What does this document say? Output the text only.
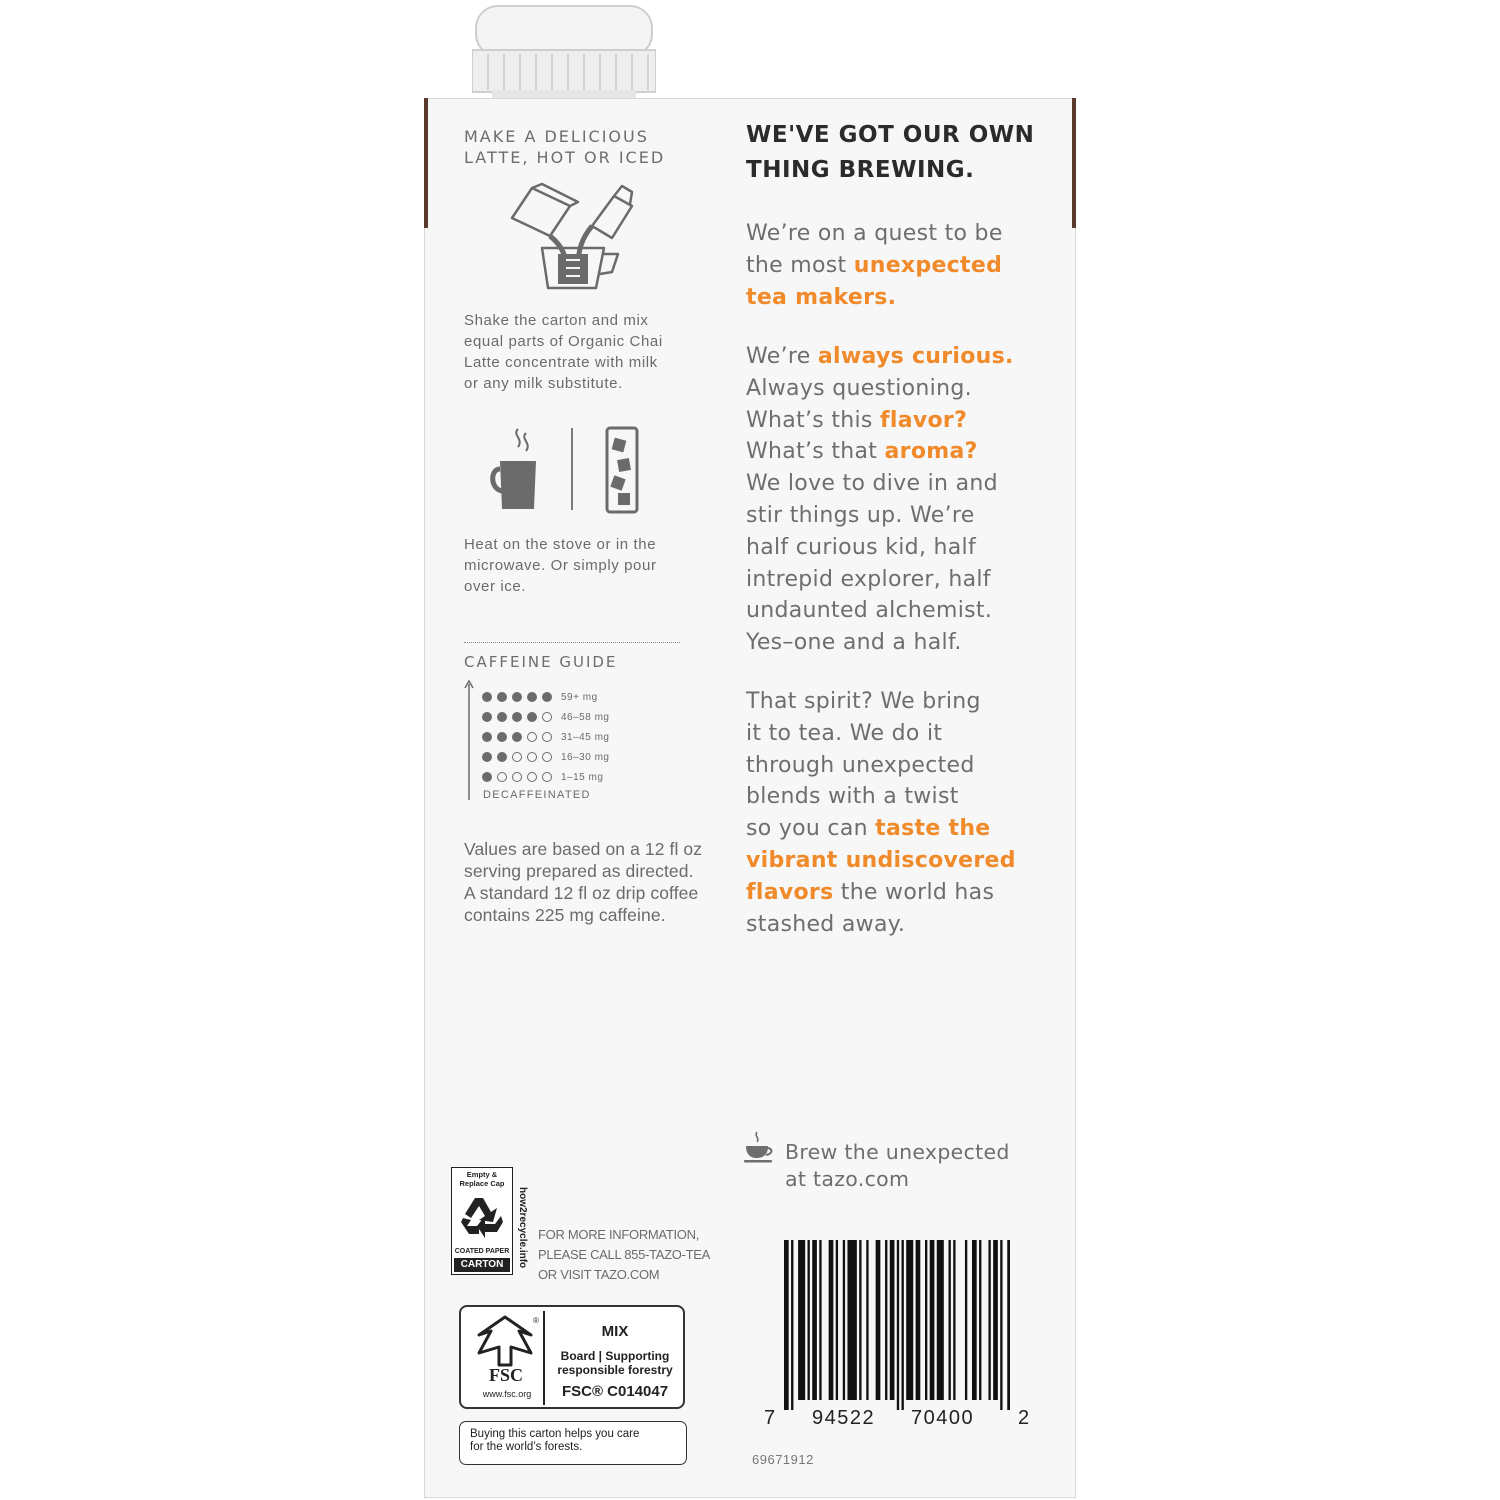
MAKE A DELICIOUS
LATTE, HOT OR ICED
Shake the carton and mix
equal parts of Organic Chai
Latte concentrate with milk
or any milk substitute.
Heat on the stove or in the
microwave. Or simply pour
over ice.
CAFFEINE GUIDE
59+ mg
46–58 mg
31–45 mg
16–30 mg
1–15 mg
DECAFFEINATED
Values are based on a 12 fl oz
serving prepared as directed.
A standard 12 fl oz drip coffee
contains 225 mg caffeine.
WE'VE GOT OUR OWN
THING BREWING.
We’re on a quest to be
the most unexpected
tea makers.
We’re always curious.
Always questioning.
What’s this flavor?
What’s that aroma?
We love to dive in and
stir things up. We’re
half curious kid, half
intrepid explorer, half
undaunted alchemist.
Yes–one and a half.
That spirit? We bring
it to tea. We do it
through unexpected
blends with a twist
so you can taste the
vibrant undiscovered
flavors the world has
stashed away.
Brew the unexpected
at tazo.com
Empty &
Replace Cap
COATED PAPER
CARTON	how2recycle.info FOR MORE INFORMATION,
PLEASE CALL 855-TAZO-TEA
OR VISIT TAZO.COM
®
FSC
www.fsc.org
MIX
Board | Supporting
responsible forestry
FSC® C014047
Buying this carton helps you care
for the world’s forests.
7 94522 70400 2
69671912
